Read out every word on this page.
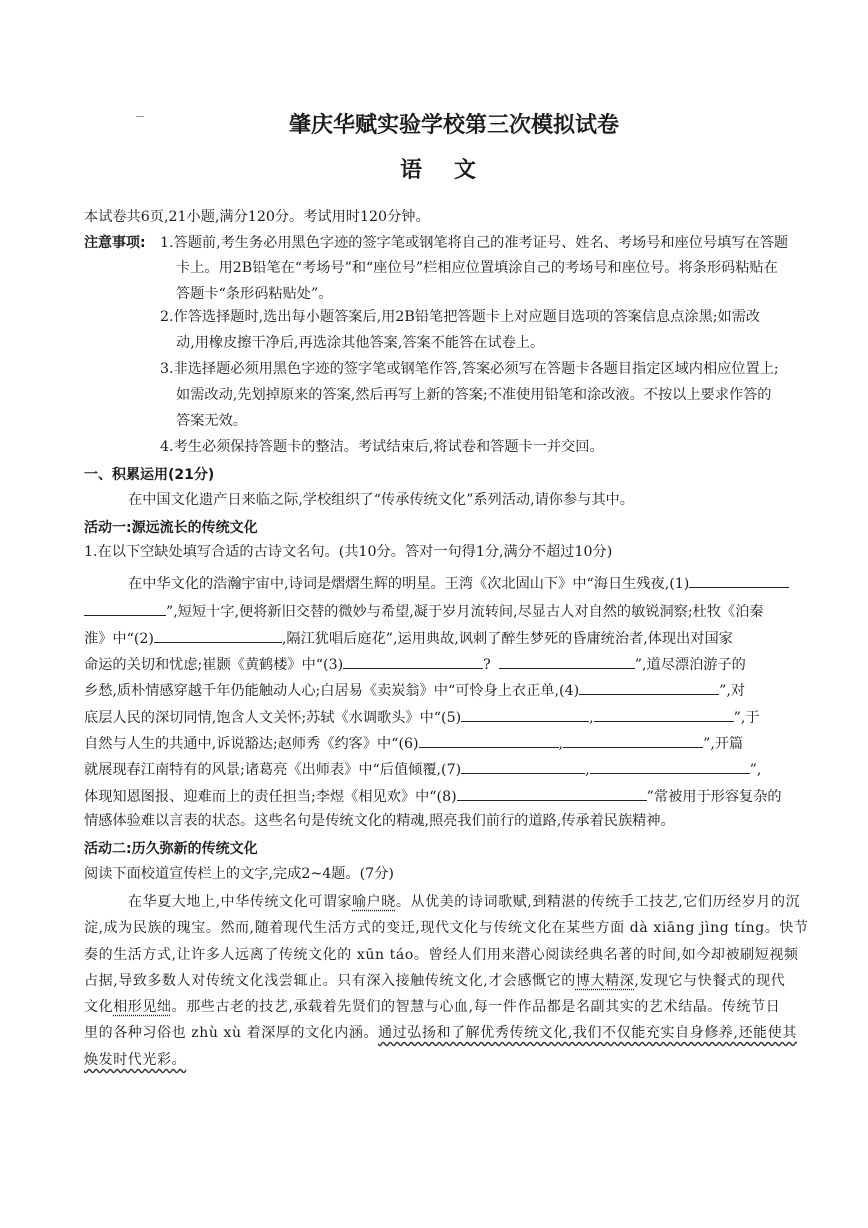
肇庆华赋实验学校第三次模拟试卷
语文
本试卷共6页,21小题,满分120分。考试用时120分钟。
注意事项: 1.答题前,考生务必用黑色字迹的签字笔或钢笔将自己的准考证号、姓名、考场号和座位号填写在答题
卡上。用2B铅笔在“考场号”和“座位号”栏相应位置填涂自己的考场号和座位号。将条形码粘贴在
答题卡“条形码粘贴处”。
2.作答选择题时,选出每小题答案后,用2B铅笔把答题卡上对应题目选项的答案信息点涂黑;如需改
动,用橡皮擦干净后,再选涂其他答案,答案不能答在试卷上。
3.非选择题必须用黑色字迹的签字笔或钢笔作答,答案必须写在答题卡各题目指定区域内相应位置上;
如需改动,先划掉原来的答案,然后再写上新的答案;不准使用铅笔和涂改液。不按以上要求作答的
答案无效。
4.考生必须保持答题卡的整洁。考试结束后,将试卷和答题卡一并交回。
一、积累运用(21分)
在中国文化遗产日来临之际,学校组织了“传承传统文化”系列活动,请你参与其中。
活动一:源远流长的传统文化
1.在以下空缺处填写合适的古诗文名句。(共10分。答对一句得1分,满分不超过10分)
在中华文化的浩瀚宇宙中,诗词是熠熠生辉的明星。王湾《次北固山下》中“海日生残夜,(1)
”,短短十字,便将新旧交替的微妙与希望,凝于岁月流转间,尽显古人对自然的敏锐洞察;杜牧《泊秦
淮》中“(2)	,隔江犹唱后庭花”,运用典故,讽刺了醉生梦死的昏庸统治者,体现出对国家
命运的关切和忧虑;崔颢《黄鹤楼》中“(3)	?	”,道尽漂泊游子的
乡愁,质朴情感穿越千年仍能触动人心;白居易《卖炭翁》中“可怜身上衣正单,(4)	”,对
底层人民的深切同情,饱含人文关怀;苏轼《水调歌头》中“(5)	,	”,于
自然与人生的共通中,诉说豁达;赵师秀《约客》中“(6)	,	”,开篇
就展现春江南特有的风景;诸葛亮《出师表》中“后值倾覆,(7)	,	”,
体现知恩图报、迎难而上的责任担当;李煜《相见欢》中“(8)	”常被用于形容复杂的
情感体验难以言表的状态。这些名句是传统文化的精魂,照亮我们前行的道路,传承着民族精神。
活动二:历久弥新的传统文化
阅读下面校道宣传栏上的文字,完成2~4题。(7分)
在华夏大地上,中华传统文化可谓家喻户晓。从优美的诗词歌赋,到精湛的传统手工技艺,它们历经岁月的沉
淀,成为民族的瑰宝。然而,随着现代生活方式的变迁,现代文化与传统文化在某些方面 dà xiāng jìng tíng。快节
奏的生活方式,让许多人远离了传统文化的 xūn táo。曾经人们用来潜心阅读经典名著的时间,如今却被刷短视频
占据,导致多数人对传统文化浅尝辄止。只有深入接触传统文化,才会感慨它的博大精深,发现它与快餐式的现代
文化相形见绌。那些古老的技艺,承载着先贤们的智慧与心血,每一件作品都是名副其实的艺术结晶。传统节日
里的各种习俗也 zhù xù 着深厚的文化内涵。通过弘扬和了解优秀传统文化,我们不仅能充实自身修养,还能使其
焕发时代光彩。
